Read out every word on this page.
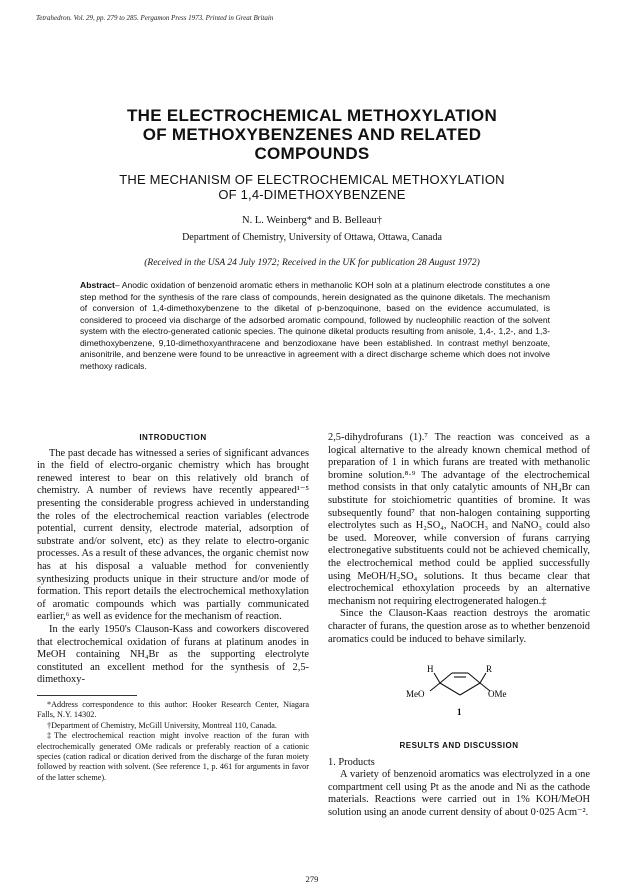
Tetrahedron. Vol. 29, pp. 279 to 285. Pergamon Press 1973. Printed in Great Britain
THE ELECTROCHEMICAL METHOXYLATION
OF METHOXYBENZENES AND RELATED
COMPOUNDS
THE MECHANISM OF ELECTROCHEMICAL METHOXYLATION
OF 1,4-DIMETHOXYBENZENE
N. L. Weinberg* and B. Belleau†
Department of Chemistry, University of Ottawa, Ottawa, Canada
(Received in the USA 24 July 1972; Received in the UK for publication 28 August 1972)
Abstract– Anodic oxidation of benzenoid aromatic ethers in methanolic KOH soln at a platinum electrode constitutes a one step method for the synthesis of the rare class of compounds, herein designated as the quinone diketals. The mechanism of conversion of 1,4-dimethoxybenzene to the diketal of p-benzoquinone, based on the evidence accumulated, is considered to proceed via discharge of the adsorbed aromatic compound, followed by nucleophilic reaction of the solvent system with the electro-generated cationic species. The quinone diketal products resulting from anisole, 1,4-, 1,2-, and 1,3-dimethoxybenzene, 9,10-dimethoxyanthracene and benzodioxane have been established. In contrast methyl benzoate, anisonitrile, and benzene were found to be unreactive in agreement with a direct discharge scheme which does not involve methoxy radicals.
INTRODUCTION

The past decade has witnessed a series of significant advances in the field of electro-organic chemistry which has brought renewed interest to bear on this relatively old branch of chemistry. A number of reviews have recently appeared¹⁻⁵ presenting the considerable progress achieved in understanding the roles of the electrochemical reaction variables (electrode potential, current density, electrode material, adsorption of substrate and/or solvent, etc) as they relate to electro-organic processes. As a result of these advances, the organic chemist now has at his disposal a valuable method for conveniently synthesizing products unique in their structure and/or mode of formation. This report details the electrochemical methoxylation of aromatic compounds which was partially communicated earlier,⁶ as well as evidence for the mechanism of reaction.

In the early 1950's Clauson-Kass and coworkers discovered that electrochemical oxidation of furans at platinum anodes in MeOH containing NH₄Br as the supporting electrolyte constituted an excellent method for the synthesis of 2,5-dimethoxy-

*Address correspondence to this author: Hooker Research Center, Niagara Falls, N.Y. 14302.

†Department of Chemistry, McGill University, Montreal 110, Canada.

‡The electrochemical reaction might involve reaction of the furan with electrochemically generated OMe radicals or preferably reaction of a cationic species (cation radical or dication derived from the discharge of the furan moiety followed by reaction with solvent. (See reference 1, p. 461 for arguments in favor of the latter scheme).

2,5-dihydrofurans (1).⁷ The reaction was conceived as a logical alternative to the already known chemical method of preparation of 1 in which furans are treated with methanolic bromine solution.⁸·⁹ The advantage of the electrochemical method consists in that only catalytic amounts of NH₄Br can substitute for stoichiometric quantities of bromine. It was subsequently found⁷ that non-halogen containing supporting electrolytes such as H₂SO₄, NaOCH₃ and NaNO₃ could also be used. Moreover, while conversion of furans carrying electronegative substituents could not be achieved chemically, the electrochemical method could be applied successfully using MeOH/H₂SO₄ solutions. It thus became clear that electrochemical ethoxylation proceeds by an alternative mechanism not requiring electrogenerated halogen.‡

Since the Clauson-Kaas reaction destroys the aromatic character of furans, the question arose as to whether benzenoid aromatics could be induced to behave similarly.

H	R
MeO	OMe
1
RESULTS AND DISCUSSION
1. Products

A variety of benzenoid aromatics was electrolyzed in a one compartment cell using Pt as the anode and Ni as the cathode materials. Reactions were carried out in 1% KOH/MeOH solution using an anode current density of about 0·025 Acm⁻².

279
